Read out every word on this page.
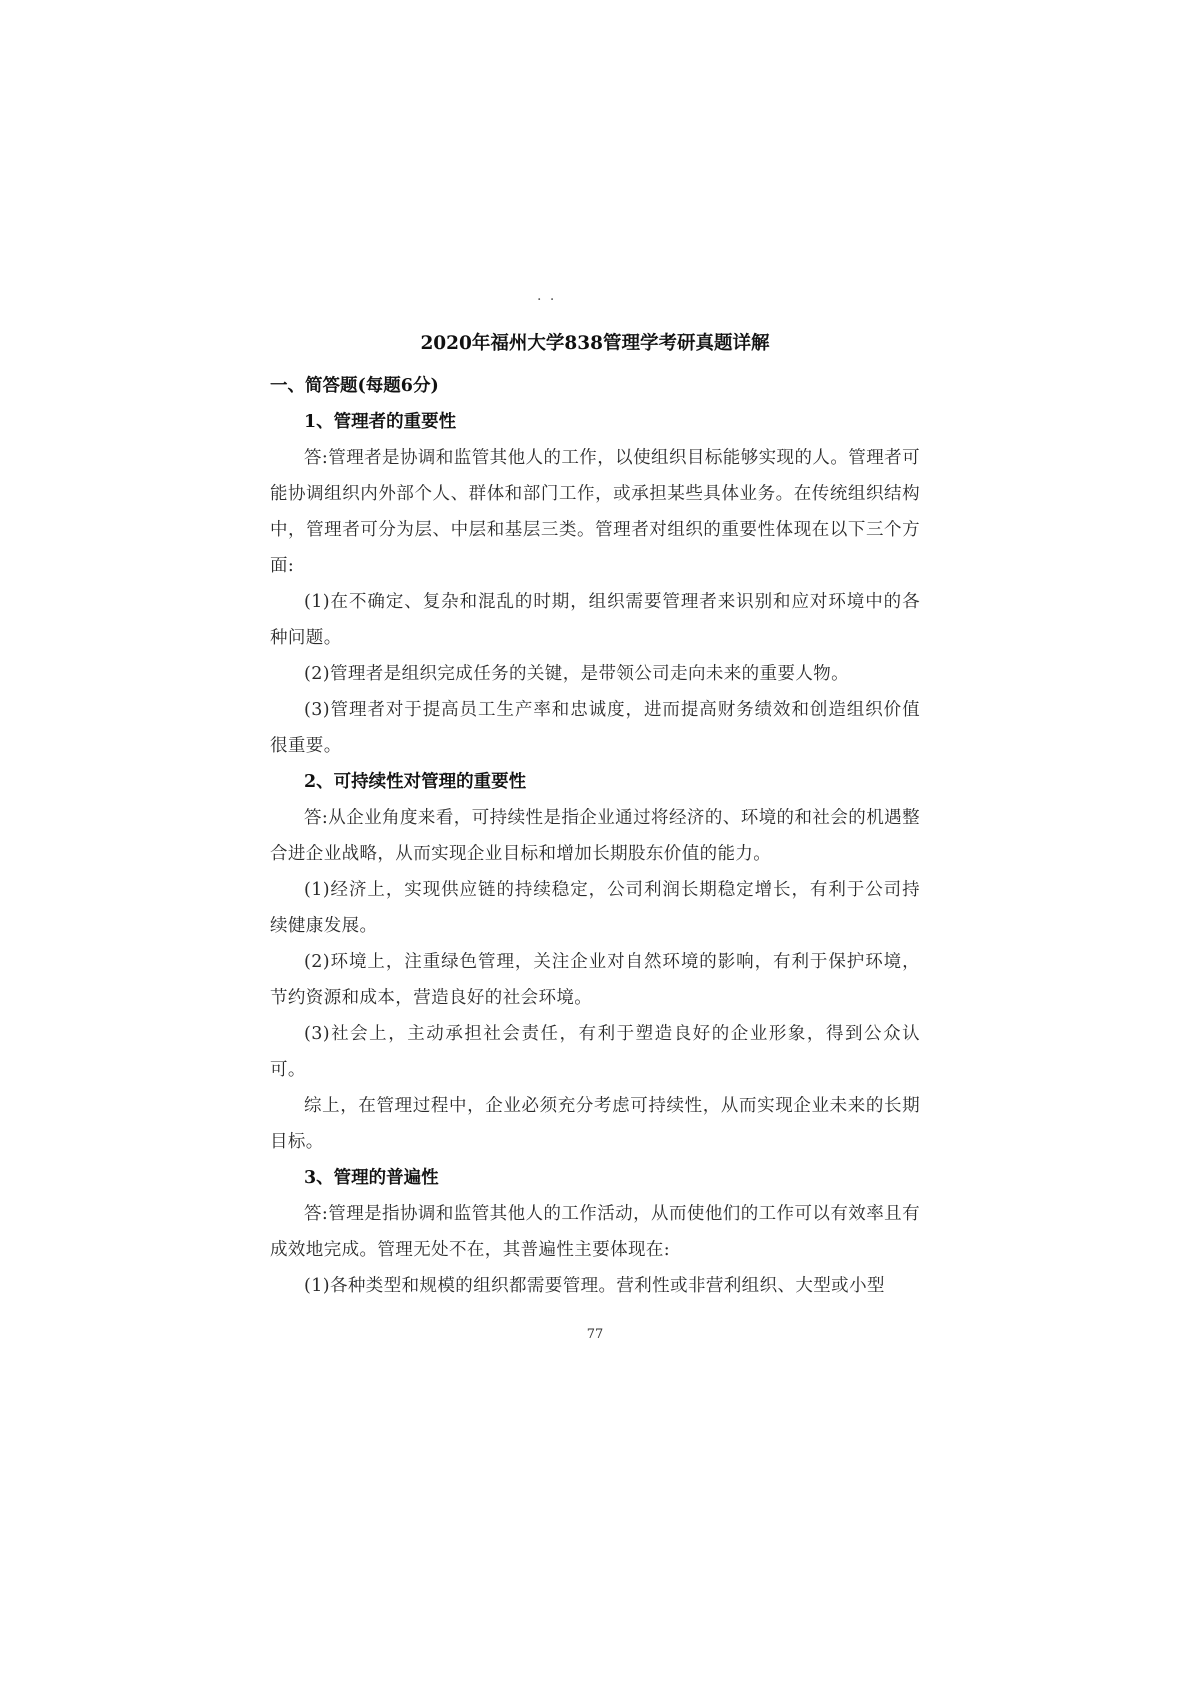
· ·
2020年福州大学838管理学考研真题详解
一、简答题(每题6分)
1、管理者的重要性

答:管理者是协调和监管其他人的工作，以使组织目标能够实现的人。管理者可能协调组织内外部个人、群体和部门工作，或承担某些具体业务。在传统组织结构中，管理者可分为层、中层和基层三类。管理者对组织的重要性体现在以下三个方面:

(1)在不确定、复杂和混乱的时期，组织需要管理者来识别和应对环境中的各种问题。

(2)管理者是组织完成任务的关键，是带领公司走向未来的重要人物。

(3)管理者对于提高员工生产率和忠诚度，进而提高财务绩效和创造组织价值很重要。

2、可持续性对管理的重要性

答:从企业角度来看，可持续性是指企业通过将经济的、环境的和社会的机遇整合进企业战略，从而实现企业目标和增加长期股东价值的能力。

(1)经济上，实现供应链的持续稳定，公司利润长期稳定增长，有利于公司持续健康发展。

(2)环境上，注重绿色管理，关注企业对自然环境的影响，有利于保护环境，节约资源和成本，营造良好的社会环境。

(3)社会上，主动承担社会责任，有利于塑造良好的企业形象，得到公众认可。

综上，在管理过程中，企业必须充分考虑可持续性，从而实现企业未来的长期目标。

3、管理的普遍性

答:管理是指协调和监管其他人的工作活动，从而使他们的工作可以有效率且有成效地完成。管理无处不在，其普遍性主要体现在:

(1)各种类型和规模的组织都需要管理。营利性或非营利组织、大型或小型

77
